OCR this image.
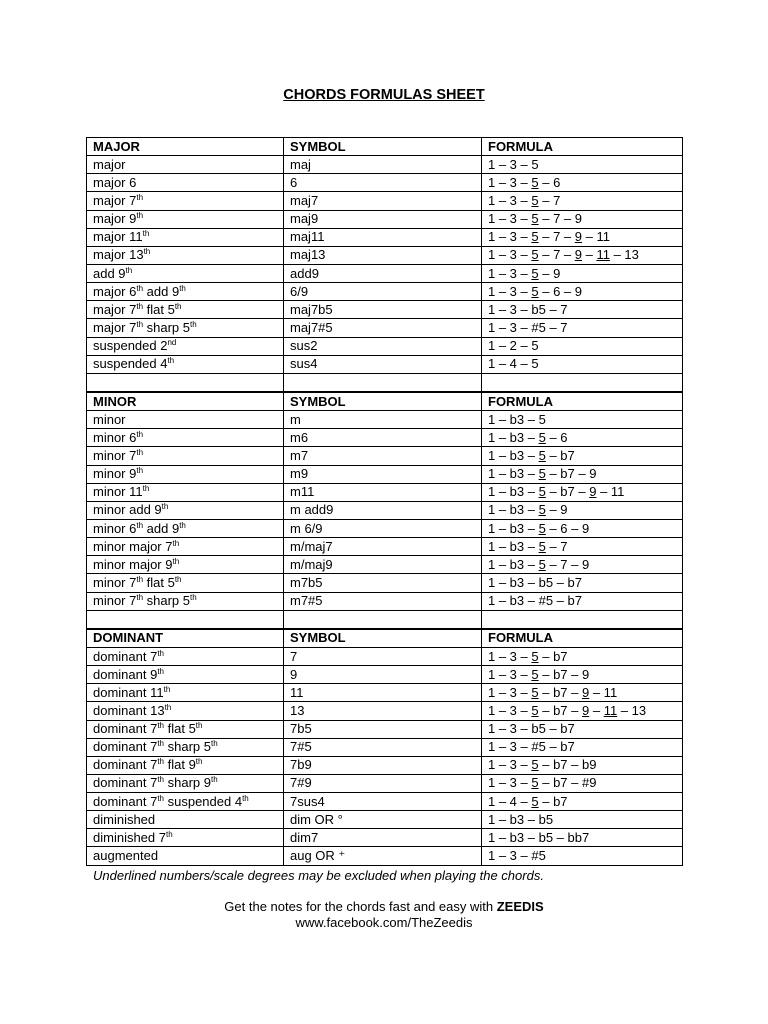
CHORDS FORMULAS SHEET
MAJOR	SYMBOL	FORMULA
major	maj	1 – 3 – 5
major 6	6	1 – 3 – 5 – 6
major 7th	maj7	1 – 3 – 5 – 7
major 9th	maj9	1 – 3 – 5 – 7 – 9
major 11th	maj11	1 – 3 – 5 – 7 – 9 – 11
major 13th	maj13	1 – 3 – 5 – 7 – 9 – 11 – 13
add 9th	add9	1 – 3 – 5 – 9
major 6th add 9th	6/9	1 – 3 – 5 – 6 – 9
major 7th flat 5th	maj7b5	1 – 3 – b5 – 7
major 7th sharp 5th	maj7#5	1 – 3 – #5 – 7
suspended 2nd	sus2	1 – 2 – 5
suspended 4th	sus4	1 – 4 – 5

MINOR	SYMBOL	FORMULA
minor	m	1 – b3 – 5
minor 6th	m6	1 – b3 – 5 – 6
minor 7th	m7	1 – b3 – 5 – b7
minor 9th	m9	1 – b3 – 5 – b7 – 9
minor 11th	m11	1 – b3 – 5 – b7 – 9 – 11
minor add 9th	m add9	1 – b3 – 5 – 9
minor 6th add 9th	m 6/9	1 – b3 – 5 – 6 – 9
minor major 7th	m/maj7	1 – b3 – 5 – 7
minor major 9th	m/maj9	1 – b3 – 5 – 7 – 9
minor 7th flat 5th	m7b5	1 – b3 – b5 – b7
minor 7th sharp 5th	m7#5	1 – b3 – #5 – b7

DOMINANT	SYMBOL	FORMULA
dominant 7th	7	1 – 3 – 5 – b7
dominant 9th	9	1 – 3 – 5 – b7 – 9
dominant 11th	11	1 – 3 – 5 – b7 – 9 – 11
dominant 13th	13	1 – 3 – 5 – b7 – 9 – 11 – 13
dominant 7th flat 5th	7b5	1 – 3 – b5 – b7
dominant 7th sharp 5th	7#5	1 – 3 – #5 – b7
dominant 7th flat 9th	7b9	1 – 3 – 5 – b7 – b9
dominant 7th sharp 9th	7#9	1 – 3 – 5 – b7 – #9
dominant 7th suspended 4th	7sus4	1 – 4 – 5 – b7
diminished	dim OR °	1 – b3 – b5
diminished 7th	dim7	1 – b3 – b5 – bb7
augmented	aug OR ⁺	1 – 3 – #5
Underlined numbers/scale degrees may be excluded when playing the chords.
Get the notes for the chords fast and easy with ZEEDIS
www.facebook.com/TheZeedis
